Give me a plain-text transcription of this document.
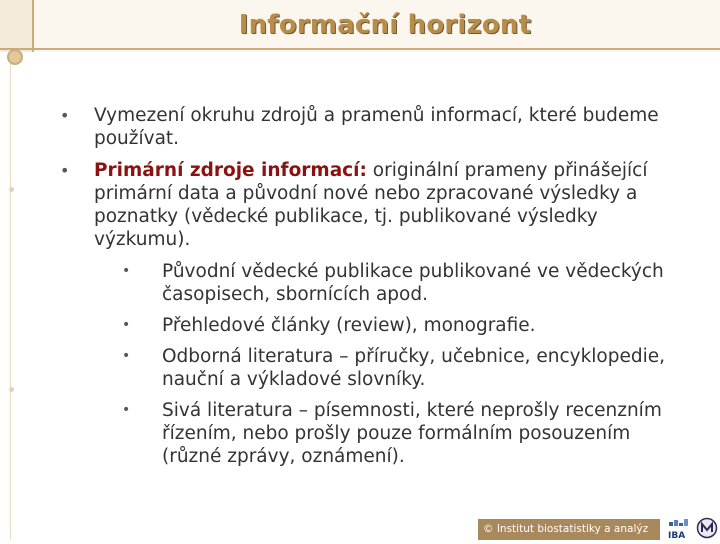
Informační horizont
•	Vymezení okruhu zdrojů a pramenů informací, které budeme používat.
•	Primární zdroje informací: originální prameny přinášející primární data a původní nové nebo zpracované výsledky a poznatky (vědecké publikace, tj. publikované výsledky výzkumu).
• Původní vědecké publikace publikované ve vědeckých časopisech, sbornících apod.
• Přehledové články (review), monografie.
• Odborná literatura – příručky, učebnice, encyklopedie, nauční a výkladové slovníky.
• Sivá literatura – písemnosti, které neprošly recenzním řízením, nebo prošly pouze formálním posouzením (různé zprávy, oznámení).
© Institut biostatistiky a analýz
IBA
